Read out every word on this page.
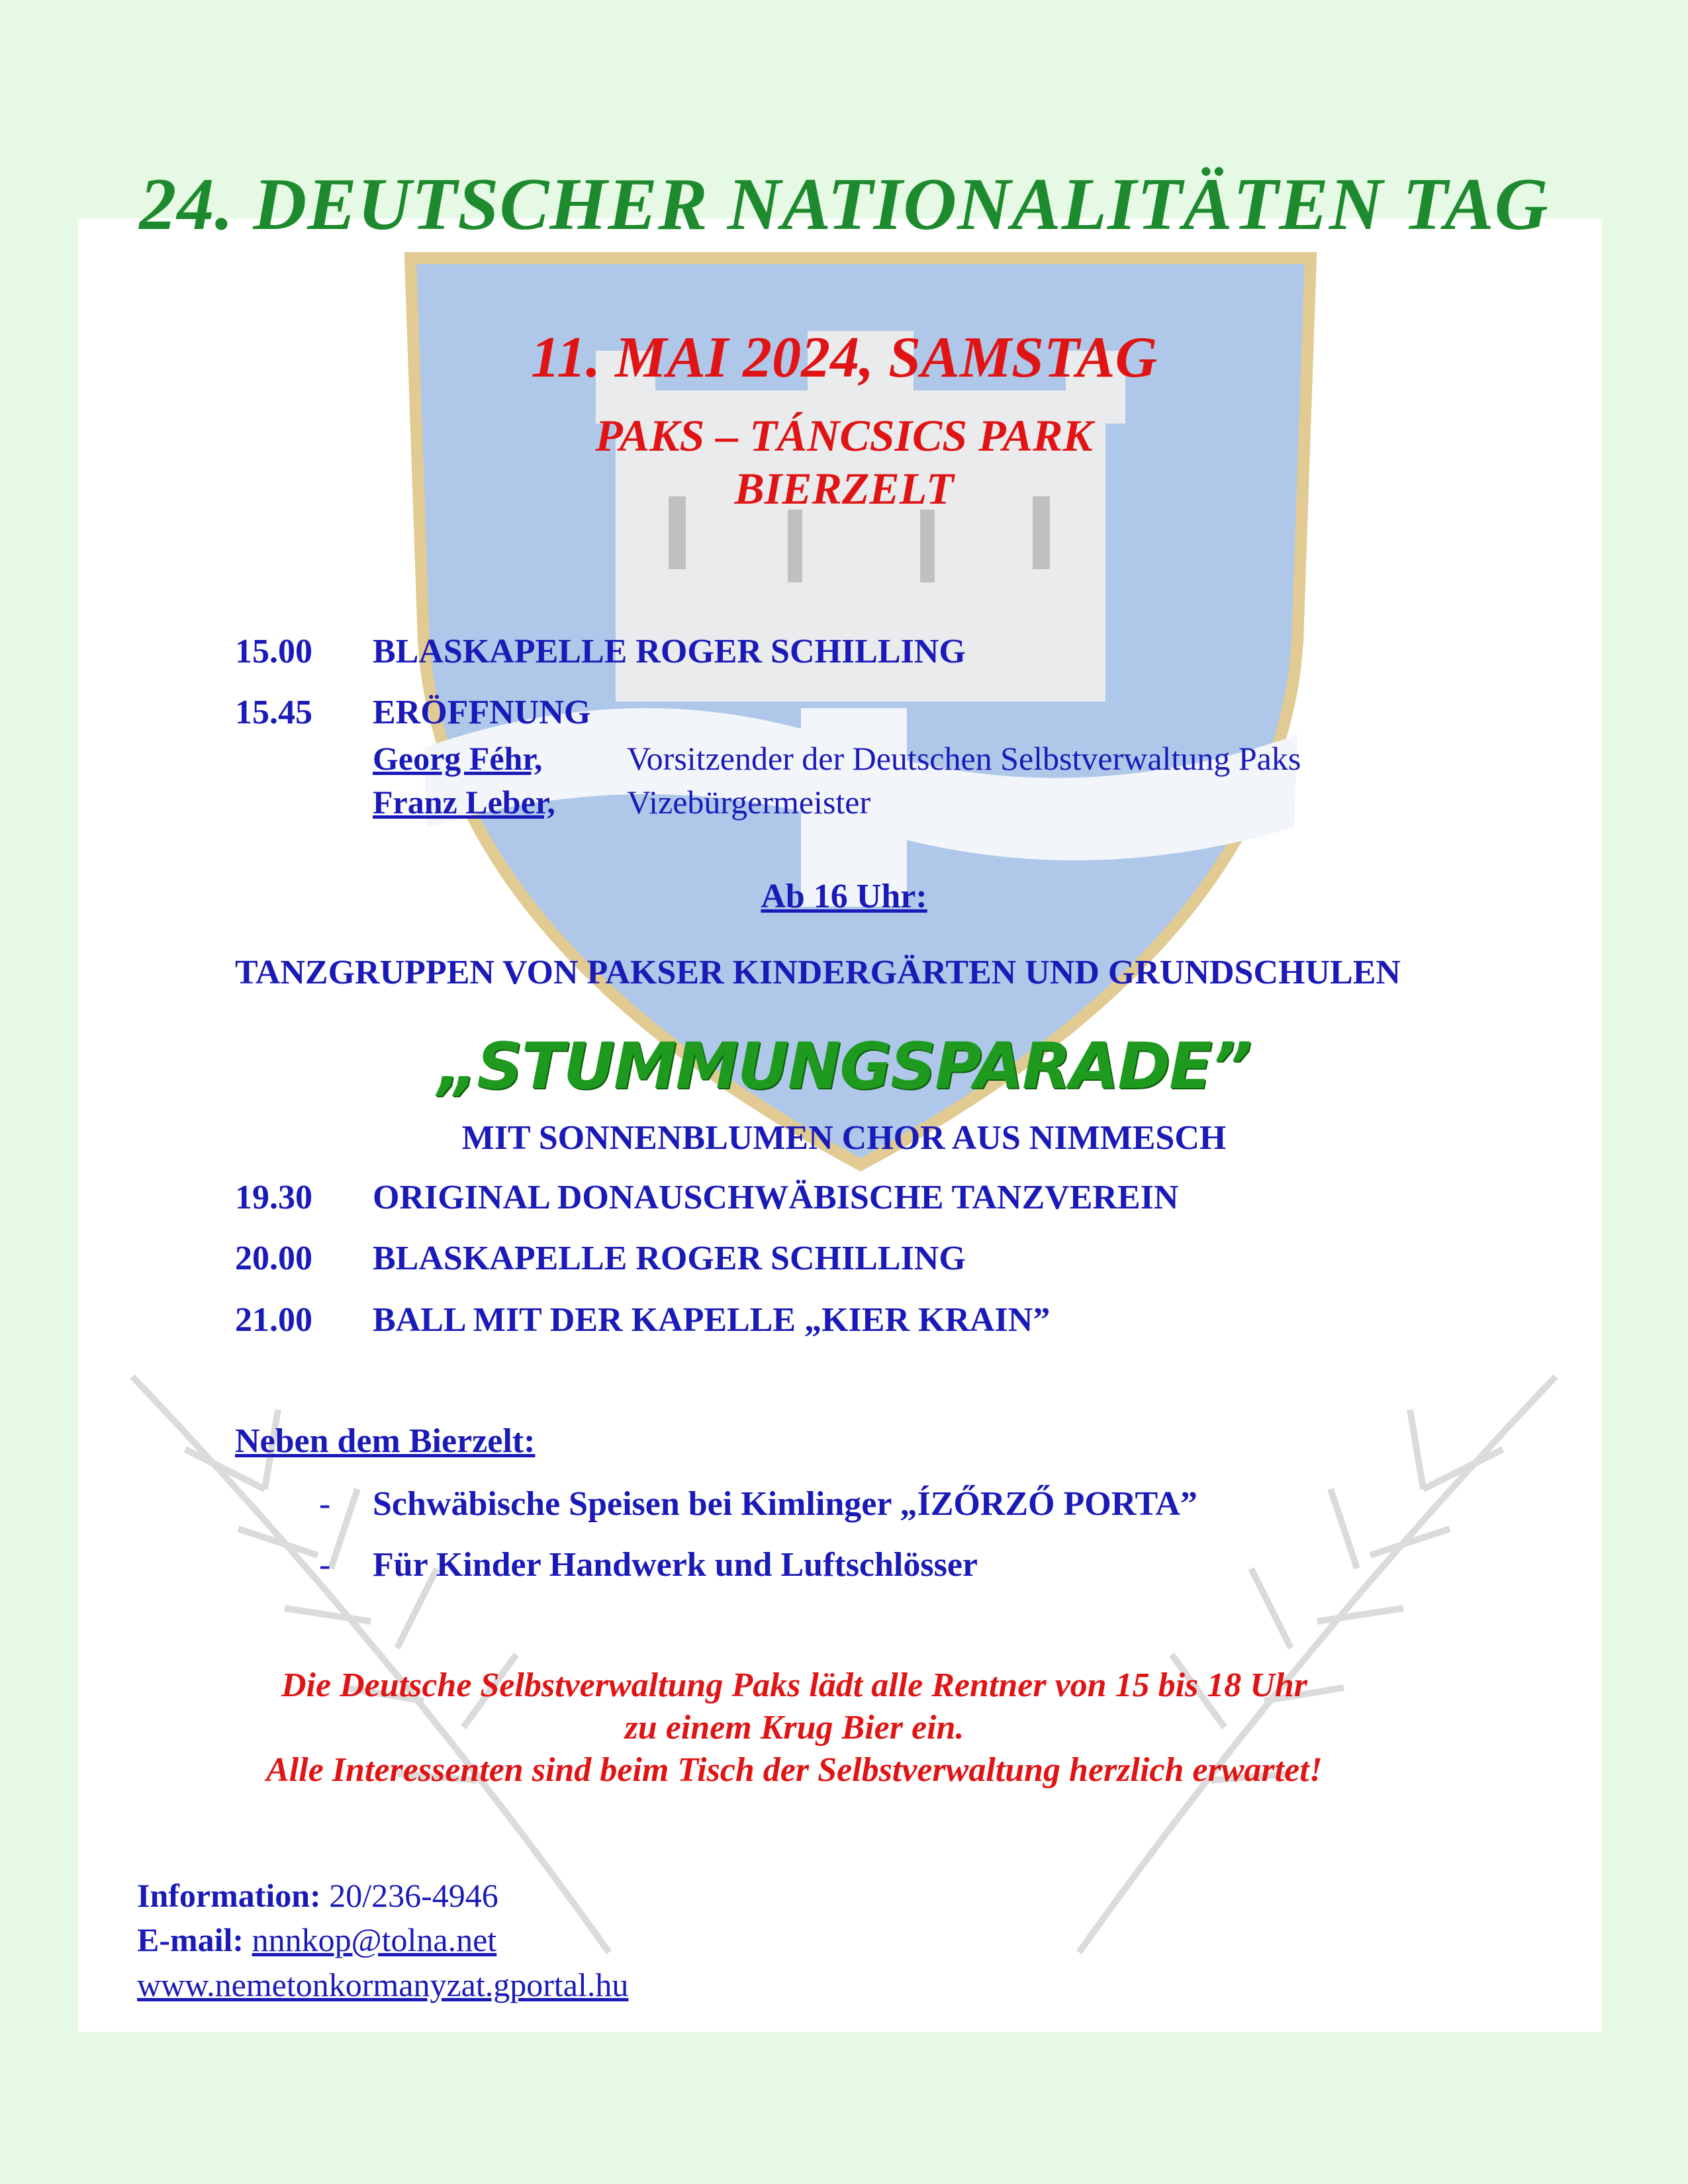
24. DEUTSCHER NATIONALITÄTEN TAG
11. MAI 2024, SAMSTAG
PAKS – TÁNCSICS PARK
BIERZELT
15.00 BLASKAPELLE ROGER SCHILLING
15.45 ERÖFFNUNG
Georg Féhr,	Vorsitzender der Deutschen Selbstverwaltung Paks
Franz Leber, Vizebürgermeister
Ab 16 Uhr:
TANZGRUPPEN VON PAKSER KINDERGÄRTEN UND GRUNDSCHULEN
„STUMMUNGSPARADE”
MIT SONNENBLUMEN CHOR AUS NIMMESCH
19.30 ORIGINAL DONAUSCHWÄBISCHE TANZVEREIN
20.00 BLASKAPELLE ROGER SCHILLING
21.00 BALL MIT DER KAPELLE „KIER KRAIN”
Neben dem Bierzelt:
- Schwäbische Speisen bei Kimlinger „ÍZŐRZŐ PORTA”
- Für Kinder Handwerk und Luftschlösser
Die Deutsche Selbstverwaltung Paks lädt alle Rentner von 15 bis 18 Uhr
zu einem Krug Bier ein.
Alle Interessenten sind beim Tisch der Selbstverwaltung herzlich erwartet!
Information: 20/236-4946
E-mail: nnnkop@tolna.net
www.nemetonkormanyzat.gportal.hu
